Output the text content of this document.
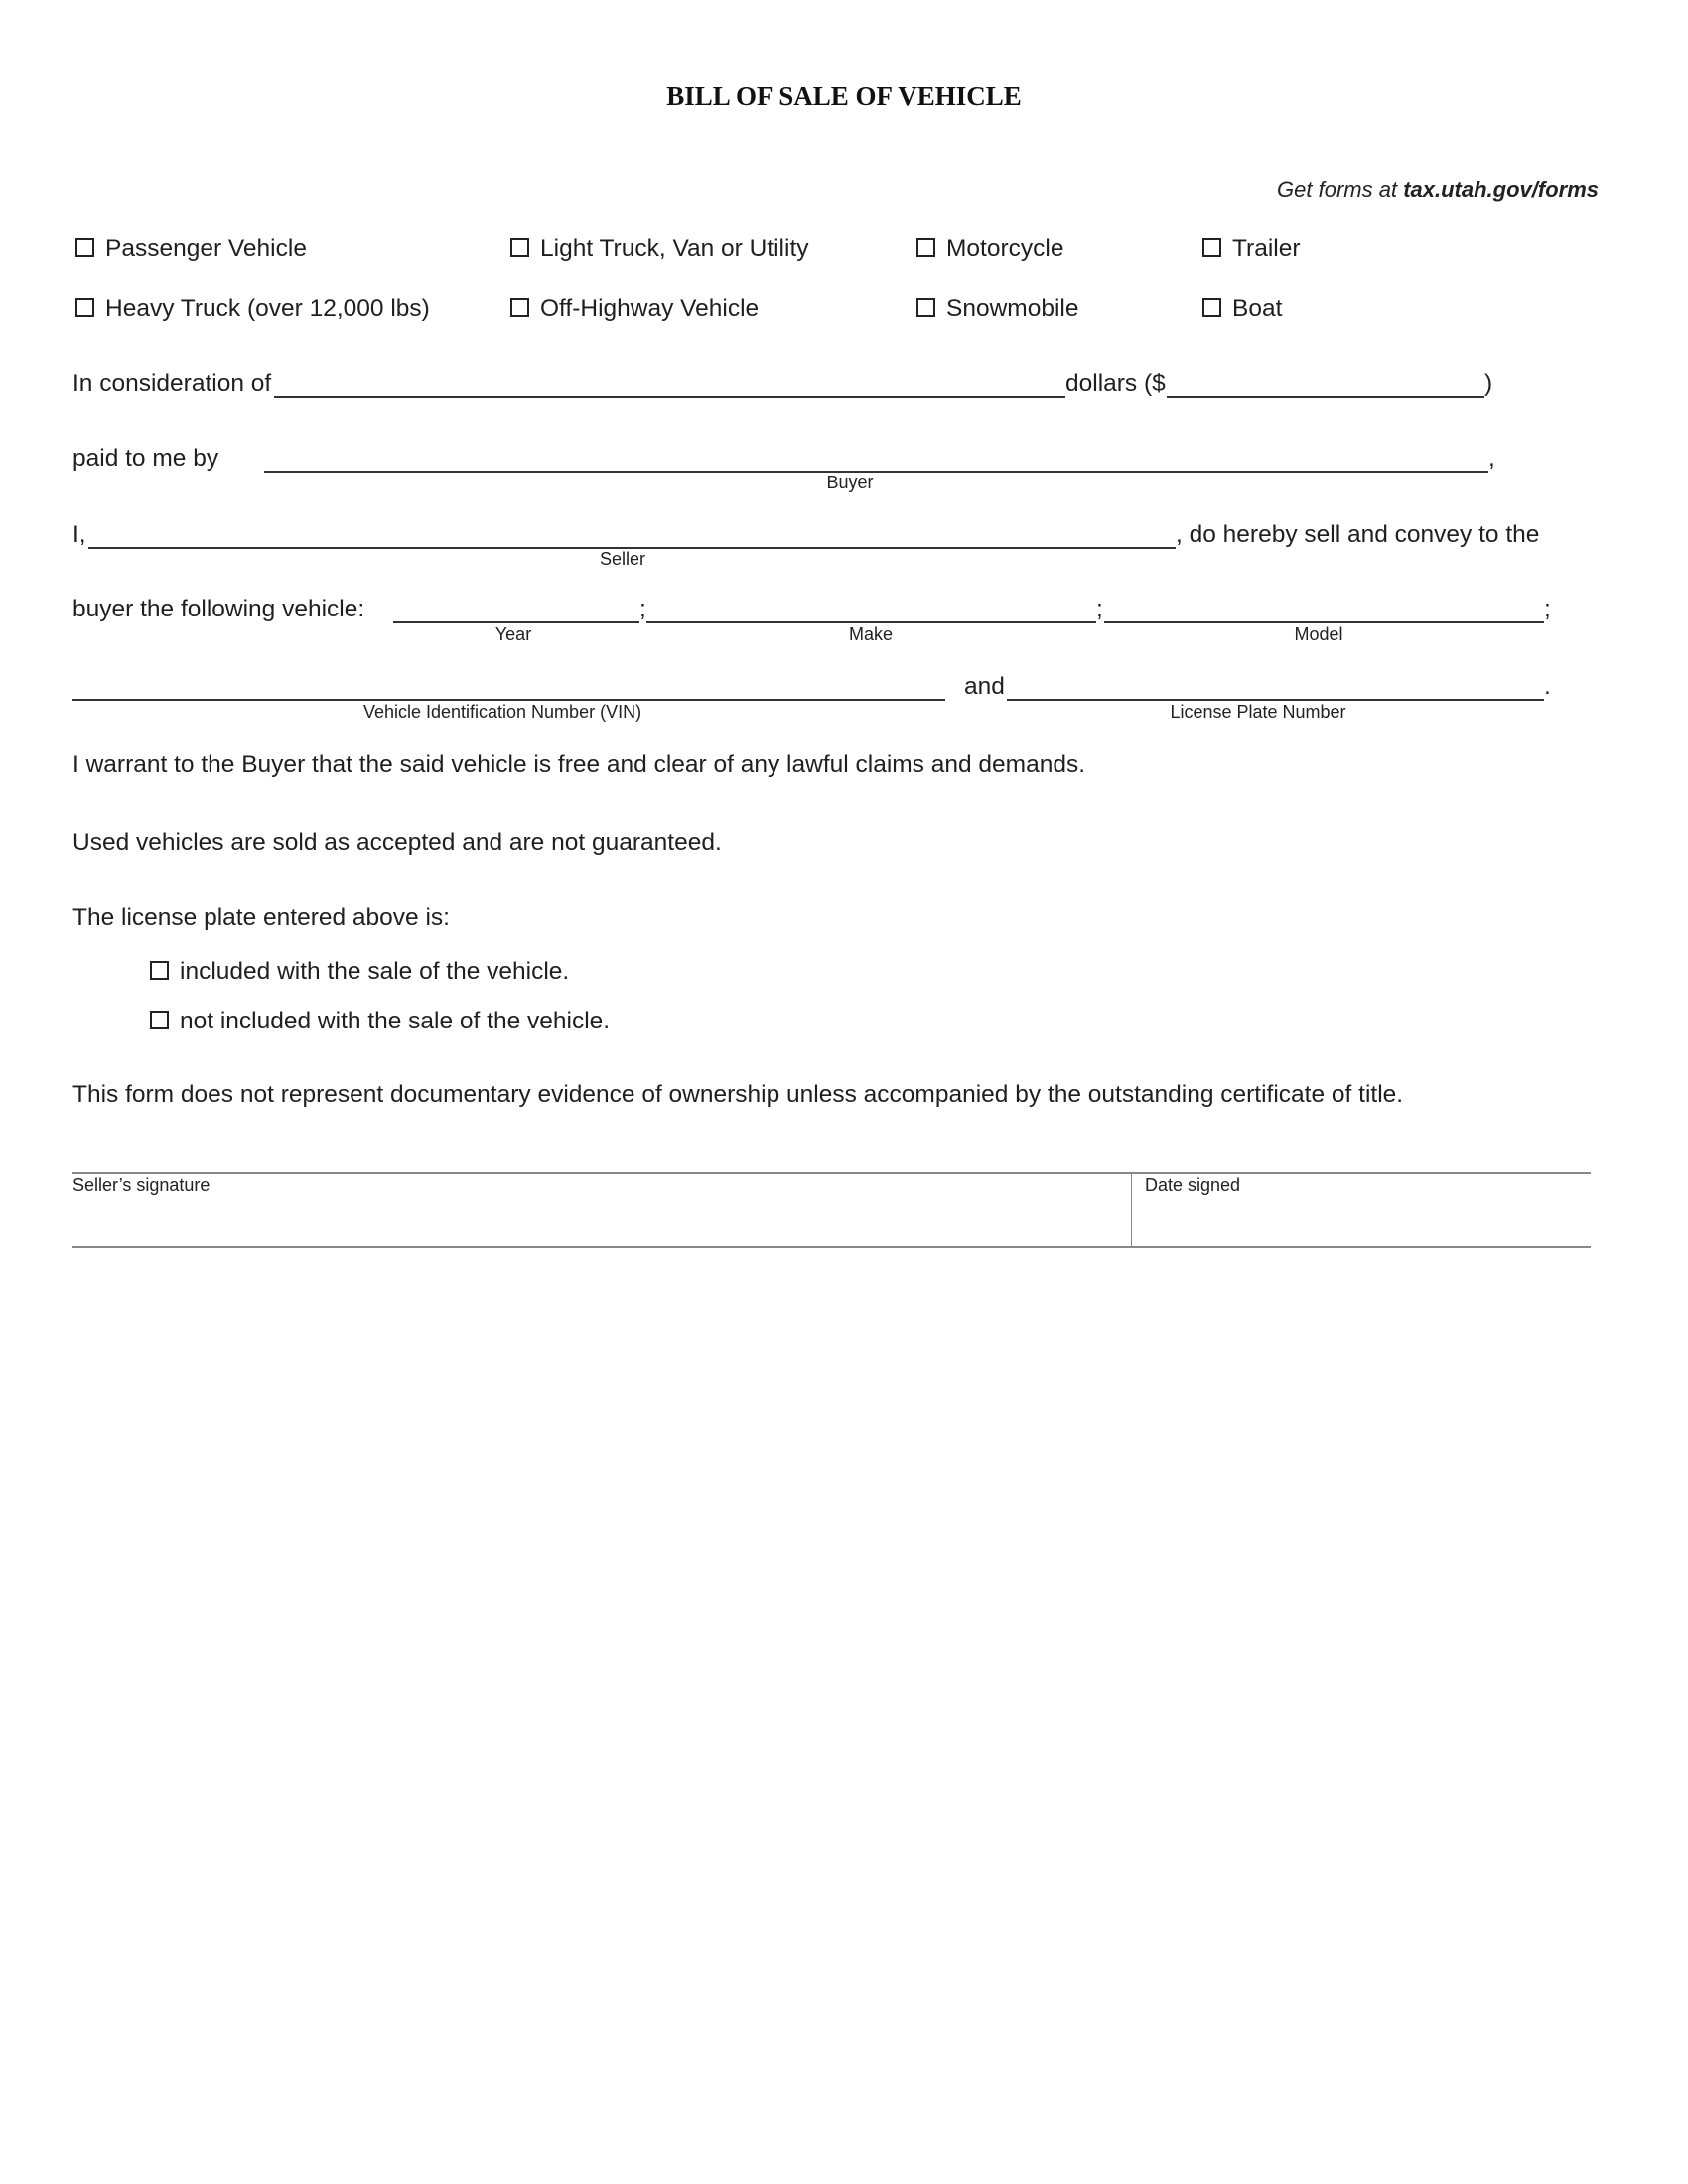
BILL OF SALE OF VEHICLE
Get forms at tax.utah.gov/forms
Passenger Vehicle	Light Truck, Van or Utility	Motorcycle	Trailer
Heavy Truck (over 12,000 lbs)	Off-Highway Vehicle	Snowmobile	Boat
In consideration of	dollars ($	)
paid to me by	,
Buyer
I,	, do hereby sell and convey to the
Seller
buyer the following vehicle:	;	;	;
Year	Make	Model
and	.
Vehicle Identification Number (VIN)	License Plate Number
I warrant to the Buyer that the said vehicle is free and clear of any lawful claims and demands.
Used vehicles are sold as accepted and are not guaranteed.
The license plate entered above is:
included with the sale of the vehicle.
not included with the sale of the vehicle.
This form does not represent documentary evidence of ownership unless accompanied by the outstanding certificate of title.
Seller’s signature	Date signed
